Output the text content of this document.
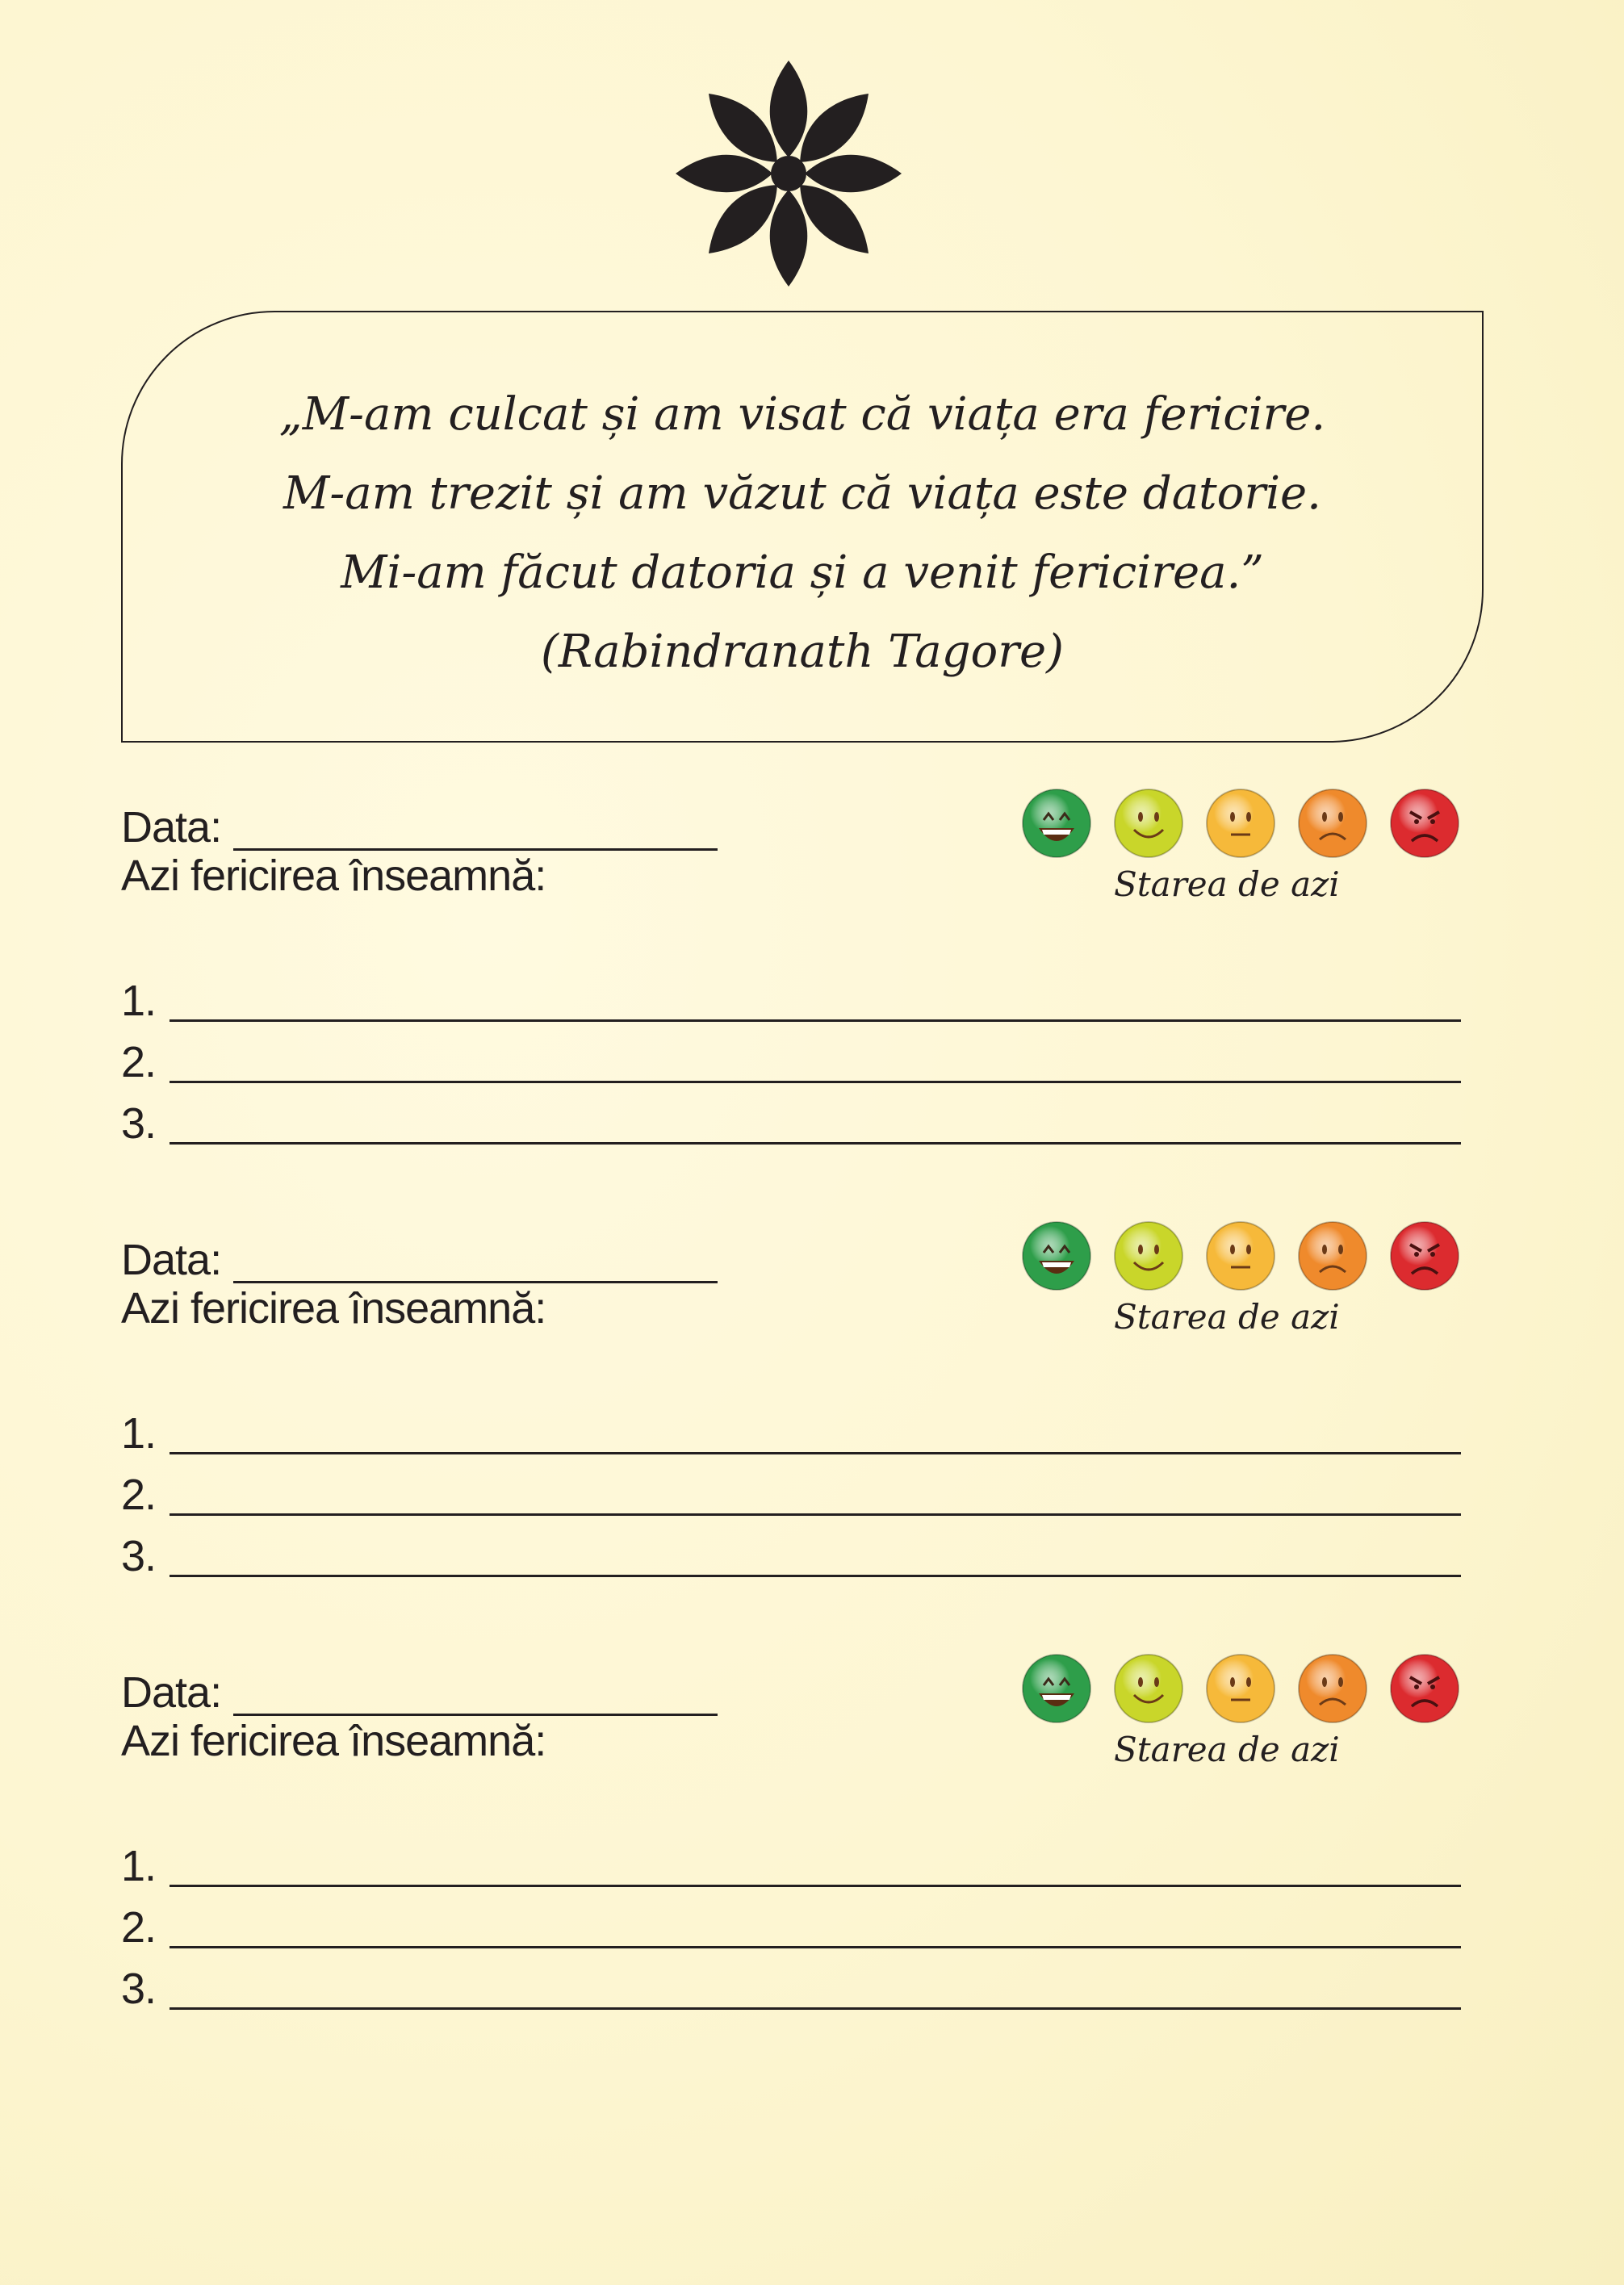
„M-am culcat și am visat că viața era fericire.
M-am trezit și am văzut că viața este datorie.
Mi-am făcut datoria și a venit fericirea.”
(Rabindranath Tagore)
Data:
Azi fericirea înseamnă:	Starea de azi
1.
2.
3.
Data:
Azi fericirea înseamnă:	Starea de azi
1.
2.
3.
Data:
Azi fericirea înseamnă:	Starea de azi
1.
2.
3.
